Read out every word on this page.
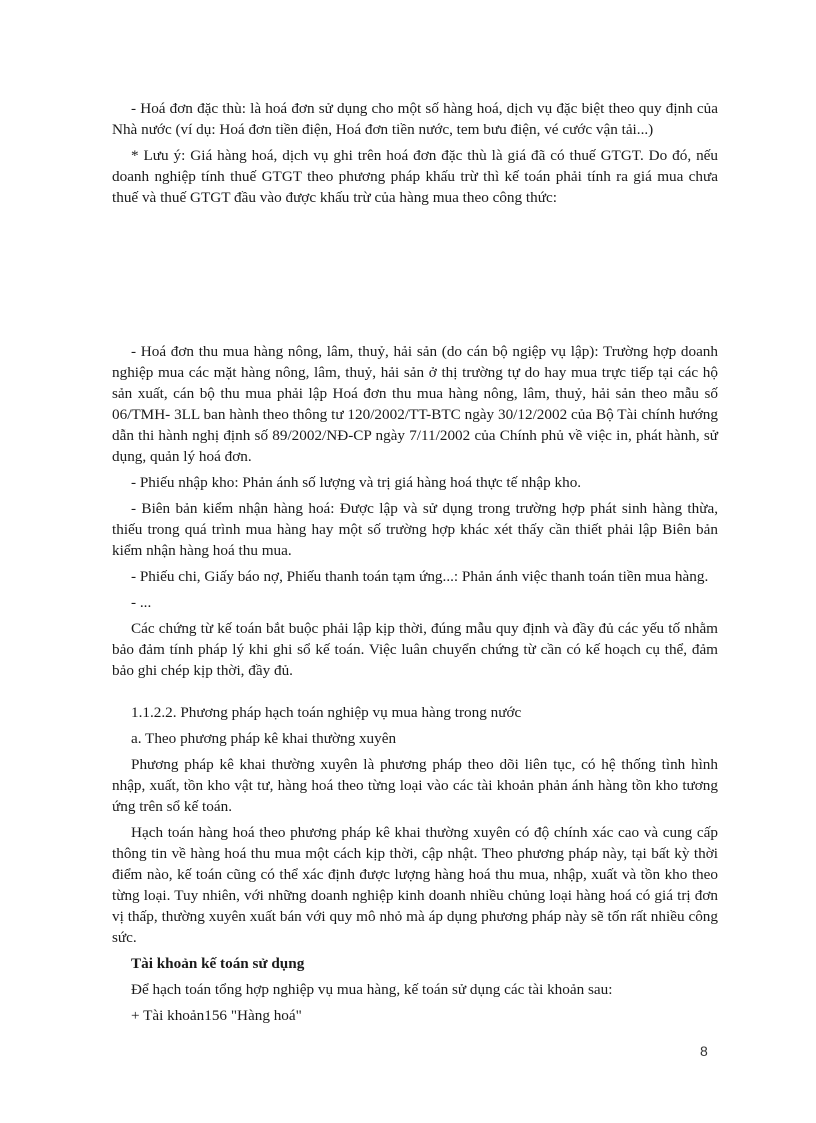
- Hoá đơn đặc thù: là hoá đơn sử dụng cho một số hàng hoá, dịch vụ đặc biệt theo quy định của Nhà nước (ví dụ: Hoá đơn tiền điện, Hoá đơn tiền nước, tem bưu điện, vé cước vận tải...)

* Lưu ý: Giá hàng hoá, dịch vụ ghi trên hoá đơn đặc thù là giá đã có thuế GTGT. Do đó, nếu doanh nghiệp tính thuế GTGT theo phương pháp khấu trừ thì kế toán phải tính ra giá mua chưa thuế và thuế GTGT đầu vào được khấu trừ của hàng mua theo công thức:

- Hoá đơn thu mua hàng nông, lâm, thuỷ, hải sản (do cán bộ ngiệp vụ lập): Trường hợp doanh nghiệp mua các mặt hàng nông, lâm, thuỷ, hải sản ở thị trường tự do hay mua trực tiếp tại các hộ sản xuất, cán bộ thu mua phải lập Hoá đơn thu mua hàng nông, lâm, thuỷ, hải sản theo mẫu số 06/TMH- 3LL ban hành theo thông tư 120/2002/TT-BTC ngày 30/12/2002 của Bộ Tài chính hướng dẫn thi hành nghị định số 89/2002/NĐ-CP ngày 7/11/2002 của Chính phủ về việc in, phát hành, sử dụng, quản lý hoá đơn.

- Phiếu nhập kho: Phản ánh số lượng và trị giá hàng hoá thực tế nhập kho.

- Biên bản kiểm nhận hàng hoá: Được lập và sử dụng trong trường hợp phát sinh hàng thừa, thiếu trong quá trình mua hàng hay một số trường hợp khác xét thấy cần thiết phải lập Biên bản kiểm nhận hàng hoá thu mua.

- Phiếu chi, Giấy báo nợ, Phiếu thanh toán tạm ứng...: Phản ánh việc thanh toán tiền mua hàng.

- ...

Các chứng từ kế toán bắt buộc phải lập kịp thời, đúng mẫu quy định và đầy đủ các yếu tố nhằm bảo đảm tính pháp lý khi ghi sổ kế toán. Việc luân chuyển chứng từ cần có kế hoạch cụ thể, đảm bảo ghi chép kịp thời, đầy đủ.

1.1.2.2. Phương pháp hạch toán nghiệp vụ mua hàng trong nước

a. Theo phương pháp kê khai thường xuyên

Phương pháp kê khai thường xuyên là phương pháp theo dõi liên tục, có hệ thống tình hình nhập, xuất, tồn kho vật tư, hàng hoá theo từng loại vào các tài khoản phản ánh hàng tồn kho tương ứng trên sổ kế toán.

Hạch toán hàng hoá theo phương pháp kê khai thường xuyên có độ chính xác cao và cung cấp thông tin về hàng hoá thu mua một cách kịp thời, cập nhật. Theo phương pháp này, tại bất kỳ thời điểm nào, kế toán cũng có thể xác định được lượng hàng hoá thu mua, nhập, xuất và tồn kho theo từng loại. Tuy nhiên, với những doanh nghiệp kinh doanh nhiều chủng loại hàng hoá có giá trị đơn vị thấp, thường xuyên xuất bán với quy mô nhỏ mà áp dụng phương pháp này sẽ tốn rất nhiều công sức.

Tài khoản kế toán sử dụng

Để hạch toán tổng hợp nghiệp vụ mua hàng, kế toán sử dụng các tài khoản sau:

+ Tài khoản156 "Hàng hoá"

8
